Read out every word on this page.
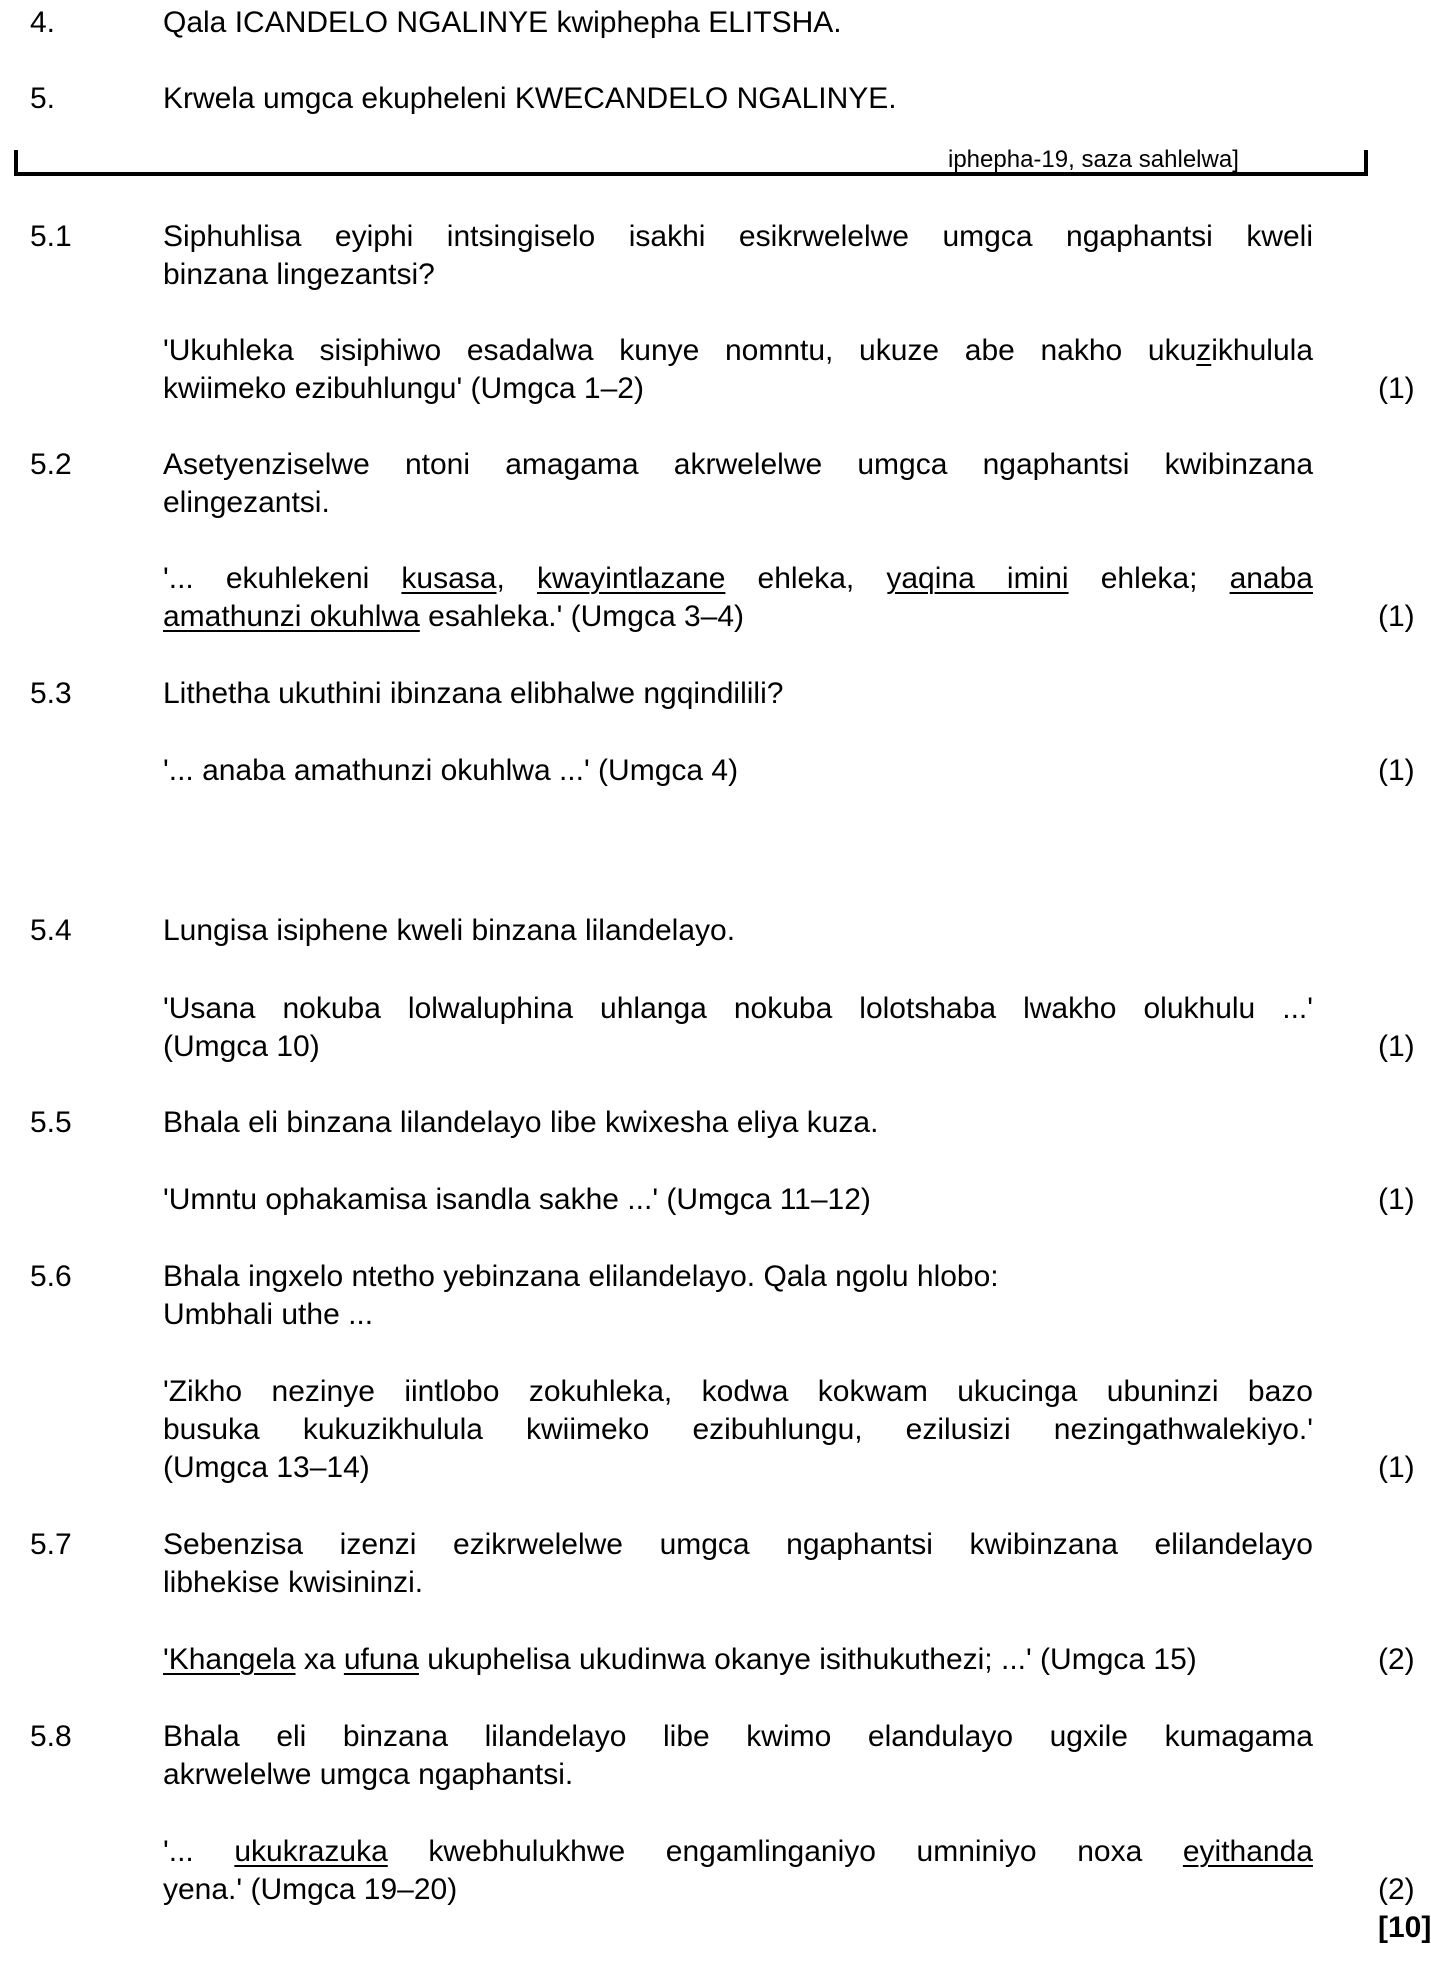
4.	Qala ICANDELO NGALINYE kwiphepha ELITSHA.
5.	Krwela umgca ekupheleni KWECANDELO NGALINYE.
iphepha-19, saza sahlelwa]
5.1	Siphuhlisa eyiphi intsingiselo isakhi esikrwelelwe umgca ngaphantsi kweli
binzana lingezantsi?
'Ukuhleka sisiphiwo esadalwa kunye nomntu, ukuze abe nakho ukuzikhulula
kwiimeko ezibuhlungu' (Umgca 1–2)	(1)
5.2	Asetyenziselwe ntoni amagama akrwelelwe umgca ngaphantsi kwibinzana
elingezantsi.
'... ekuhlekeni kusasa, kwayintlazane ehleka, yaqina imini ehleka; anaba
amathunzi okuhlwa esahleka.' (Umgca 3–4)	(1)
5.3	Lithetha ukuthini ibinzana elibhalwe ngqindilili?
'... anaba amathunzi okuhlwa ...' (Umgca 4)	(1)
5.4	Lungisa isiphene kweli binzana lilandelayo.
'Usana nokuba lolwaluphina uhlanga nokuba lolotshaba lwakho olukhulu ...'
(Umgca 10)	(1)
5.5	Bhala eli binzana lilandelayo libe kwixesha eliya kuza.
'Umntu ophakamisa isandla sakhe ...' (Umgca 11–12)	(1)
5.6	Bhala ingxelo ntetho yebinzana elilandelayo. Qala ngolu hlobo:
Umbhali uthe ...
'Zikho nezinye iintlobo zokuhleka, kodwa kokwam ukucinga ubuninzi bazo
busuka kukuzikhulula kwiimeko ezibuhlungu, ezilusizi nezingathwalekiyo.'
(Umgca 13–14)	(1)
5.7	Sebenzisa izenzi ezikrwelelwe umgca ngaphantsi kwibinzana elilandelayo
libhekise kwisininzi.
'Khangela xa ufuna ukuphelisa ukudinwa okanye isithukuthezi; ...' (Umgca 15)	(2)
5.8	Bhala eli binzana lilandelayo libe kwimo elandulayo ugxile kumagama
akrwelelwe umgca ngaphantsi.
'... ukukrazuka kwebhulukhwe engamlinganiyo umniniyo noxa eyithanda
yena.' (Umgca 19–20)	(2)
[10]
